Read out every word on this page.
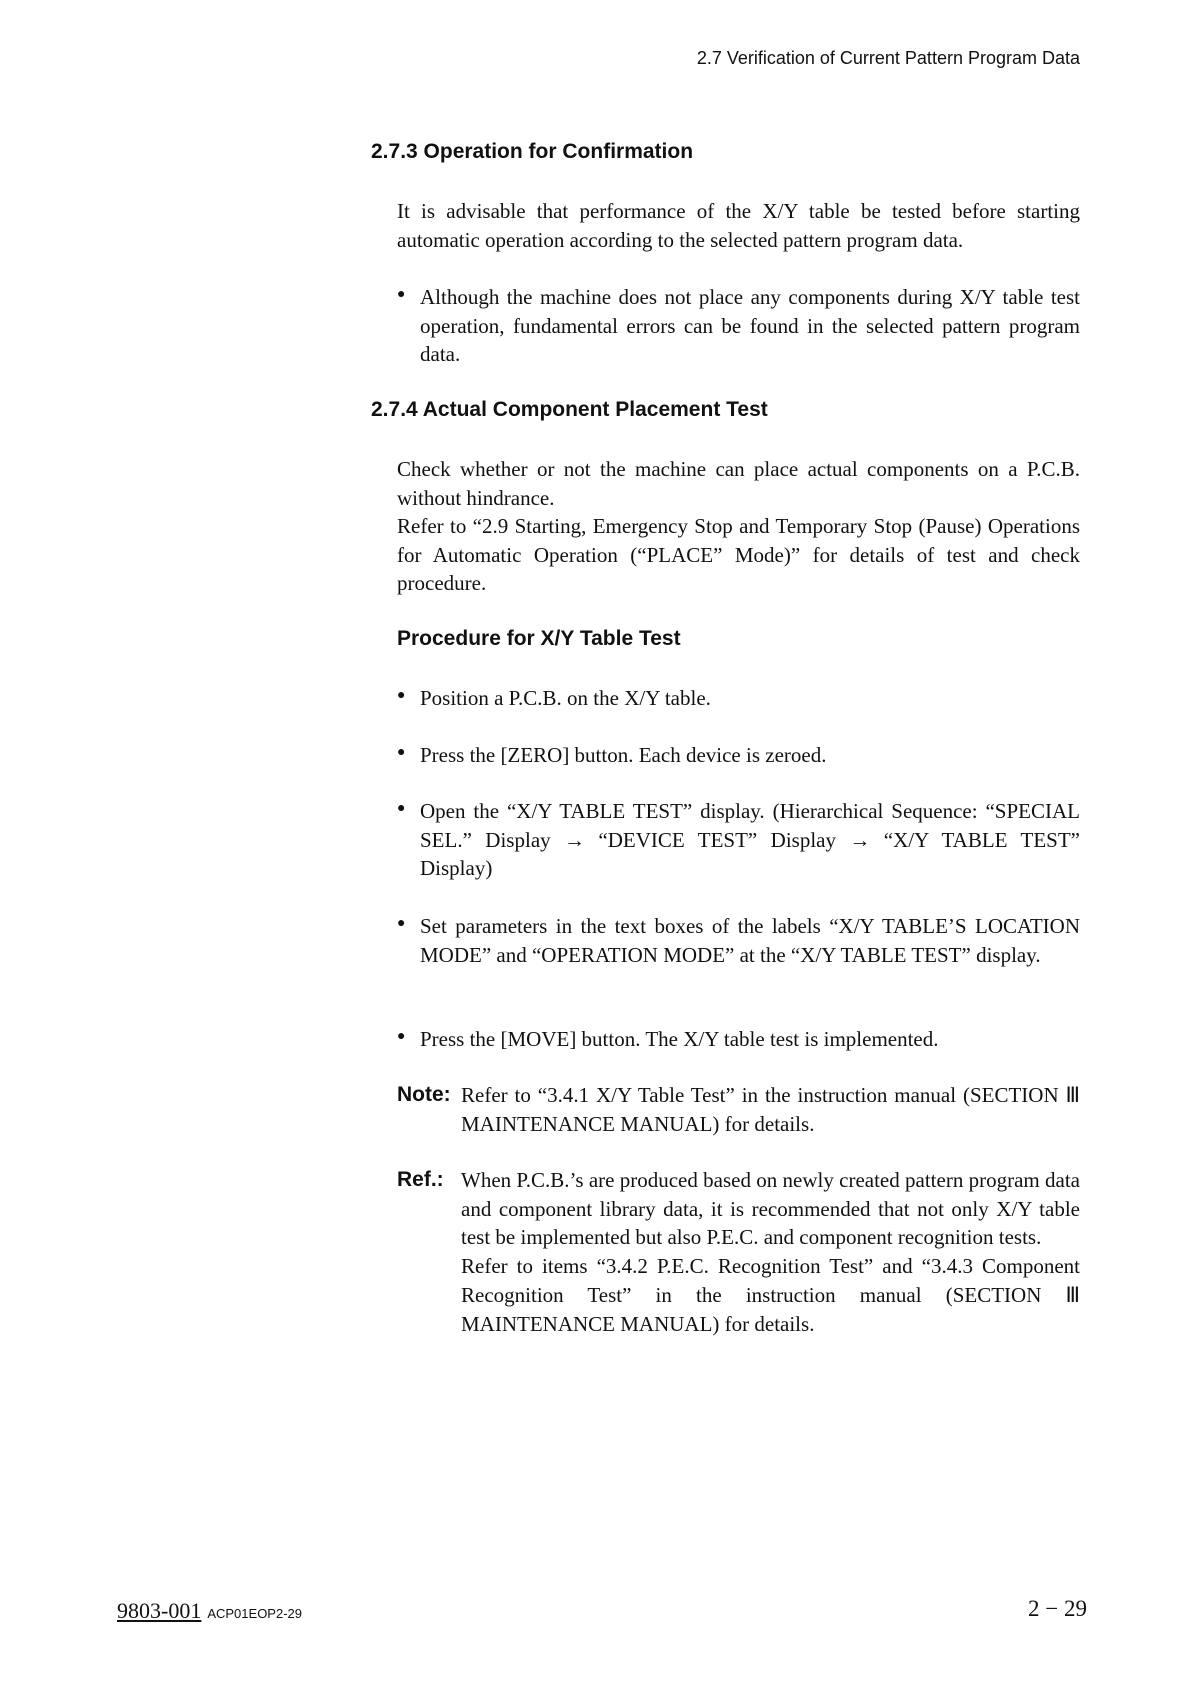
2.7 Verification of Current Pattern Program Data
2.7.3 Operation for Confirmation
It is advisable that performance of the X/Y table be tested before starting automatic operation according to the selected pattern program data.
● Although the machine does not place any components during X/Y table test operation, fundamental errors can be found in the selected pattern program data.
2.7.4 Actual Component Placement Test
Check whether or not the machine can place actual components on a P.C.B. without hindrance.
Refer to “2.9 Starting, Emergency Stop and Temporary Stop (Pause) Operations for Automatic Operation (“PLACE” Mode)” for details of test and check procedure.
Procedure for X/Y Table Test
● Position a P.C.B. on the X/Y table.
● Press the [ZERO] button. Each device is zeroed.
● Open the “X/Y TABLE TEST” display. (Hierarchical Sequence: “SPECIAL SEL.” Display → “DEVICE TEST” Display → “X/Y TABLE TEST” Display)
● Set parameters in the text boxes of the labels “X/Y TABLE’S LOCATION MODE” and “OPERATION MODE” at the “X/Y TABLE TEST” display.
● Press the [MOVE] button. The X/Y table test is implemented.
Note: Refer to “3.4.1 X/Y Table Test” in the instruction manual (SECTION Ⅲ MAINTENANCE MANUAL) for details.
Ref.: When P.C.B.’s are produced based on newly created pattern program data and component library data, it is recommended that not only X/Y table test be implemented but also P.E.C. and component recognition tests.
Refer to items “3.4.2 P.E.C. Recognition Test” and “3.4.3 Component Recognition Test” in the instruction manual (SECTION Ⅲ MAINTENANCE MANUAL) for details.
9803-001 ACP01EOP2-29	2 − 29
